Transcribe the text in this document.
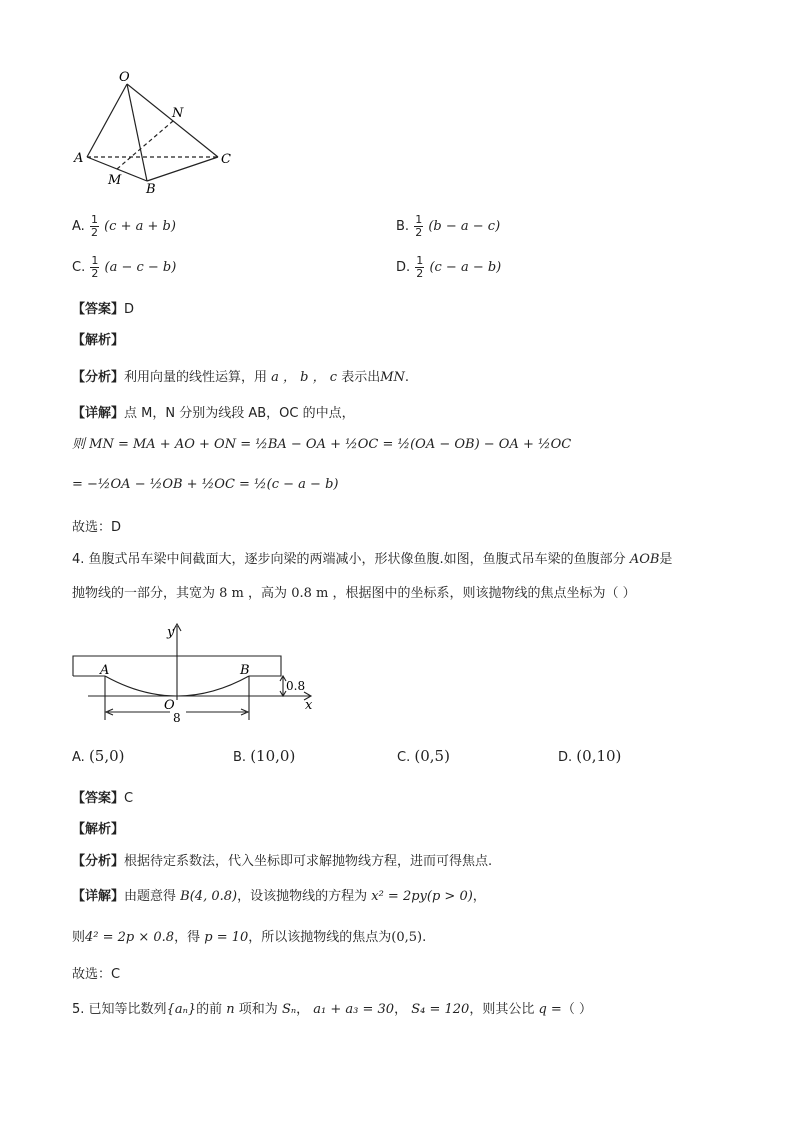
O
N
A	C
M
B
A. $\frac{1}{2} (c + a + b)$	B. $\frac{1}{2} (b - a - c)$
C. $\frac{1}{2} (a - c - b)$	D. $\frac{1}{2} (c - a - b)$
【答案】D
【解析】
【分析】利用向量的线性运算，用 a ， b ， c 表示出MN.
【详解】点 M，N 分别为线段 AB，OC 的中点，
则 MN = MA + AO + ON = ½BA − OA + ½OC = ½(OA − OB) − OA + ½OC
= −½OA − ½OB + ½OC = ½(c − a − b)
故选：D
4. 鱼腹式吊车梁中间截面大，逐步向梁的两端减小，形状像鱼腹.如图，鱼腹式吊车梁的鱼腹部分 AOB是
抛物线的一部分，其宽为 8 m ，高为 0.8 m ，根据图中的坐标系，则该抛物线的焦点坐标为（ ）
y
A	B
O	x
0.8
8
A. (5,0)	B. (10,0)	C. (0,5)	D. (0,10)
【答案】C
【解析】
【分析】根据待定系数法，代入坐标即可求解抛物线方程，进而可得焦点.
【详解】由题意得 B(4, 0.8)，设该抛物线的方程为 x² = 2py(p > 0)，
则4² = 2p × 0.8，得 p = 10，所以该抛物线的焦点为(0,5).
故选：C
5. 已知等比数列{aₙ}的前 n 项和为 Sₙ， a₁ + a₃ = 30， S₄ = 120，则其公比 q =（ ）
